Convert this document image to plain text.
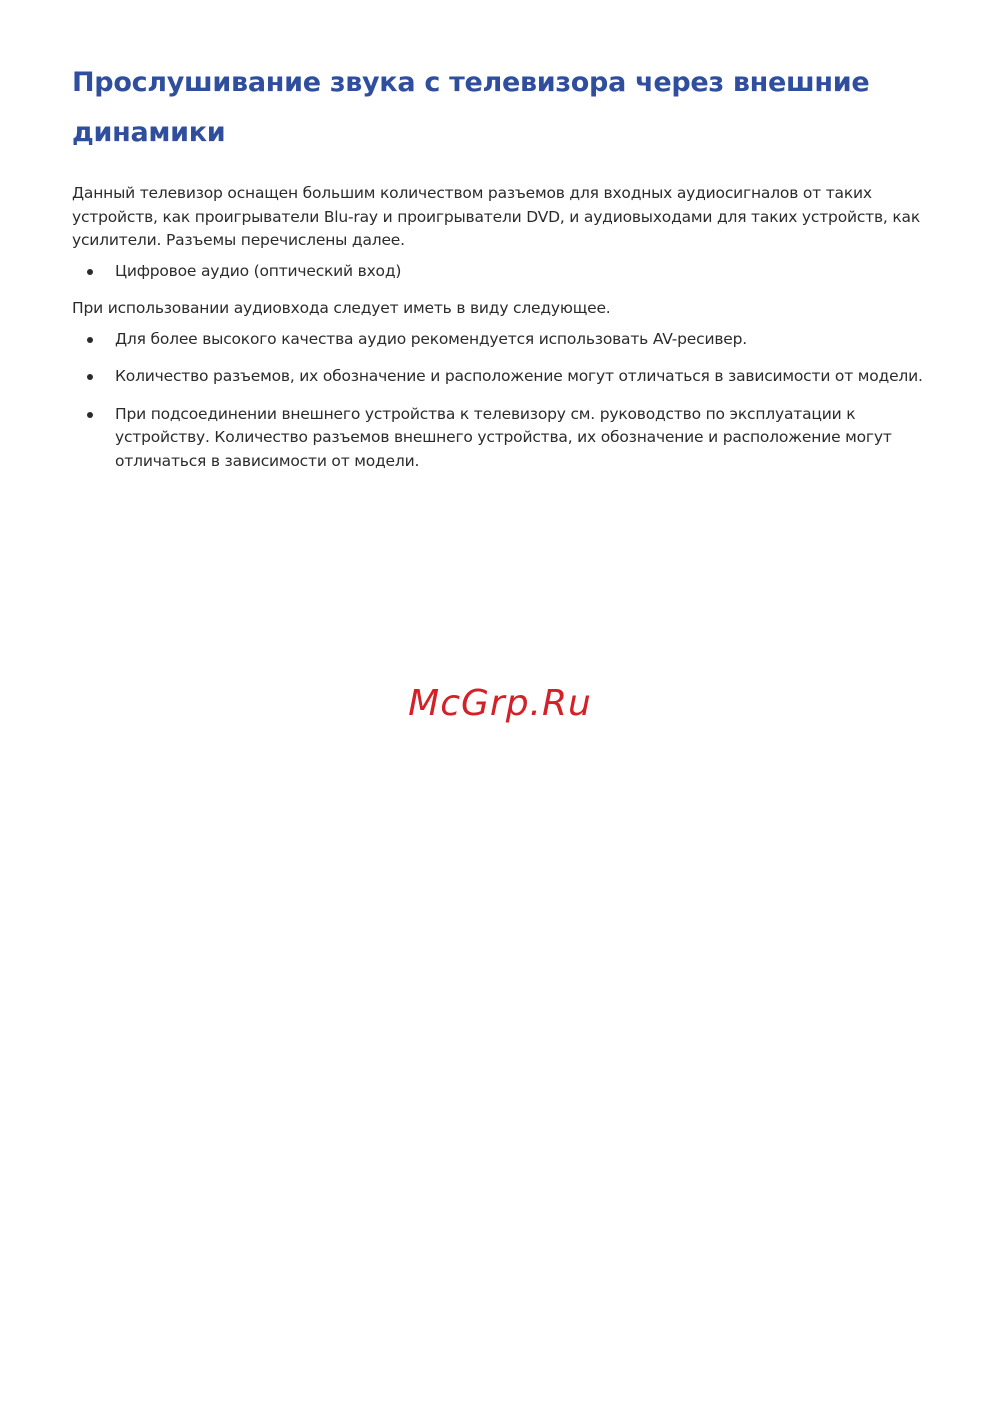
Прослушивание звука с телевизора через внешние динамики

Данный телевизор оснащен большим количеством разъемов для входных аудиосигналов от таких устройств, как проигрыватели Blu-ray и проигрыватели DVD, и аудиовыходами для таких устройств, как усилители. Разъемы перечислены далее.

Цифровое аудио (оптический вход)

При использовании аудиовхода следует иметь в виду следующее.

Для более высокого качества аудио рекомендуется использовать AV-ресивер.
Количество разъемов, их обозначение и расположение могут отличаться в зависимости от модели.
При подсоединении внешнего устройства к телевизору см. руководство по эксплуатации к устройству. Количество разъемов внешнего устройства, их обозначение и расположение могут отличаться в зависимости от модели.
McGrp.Ru
